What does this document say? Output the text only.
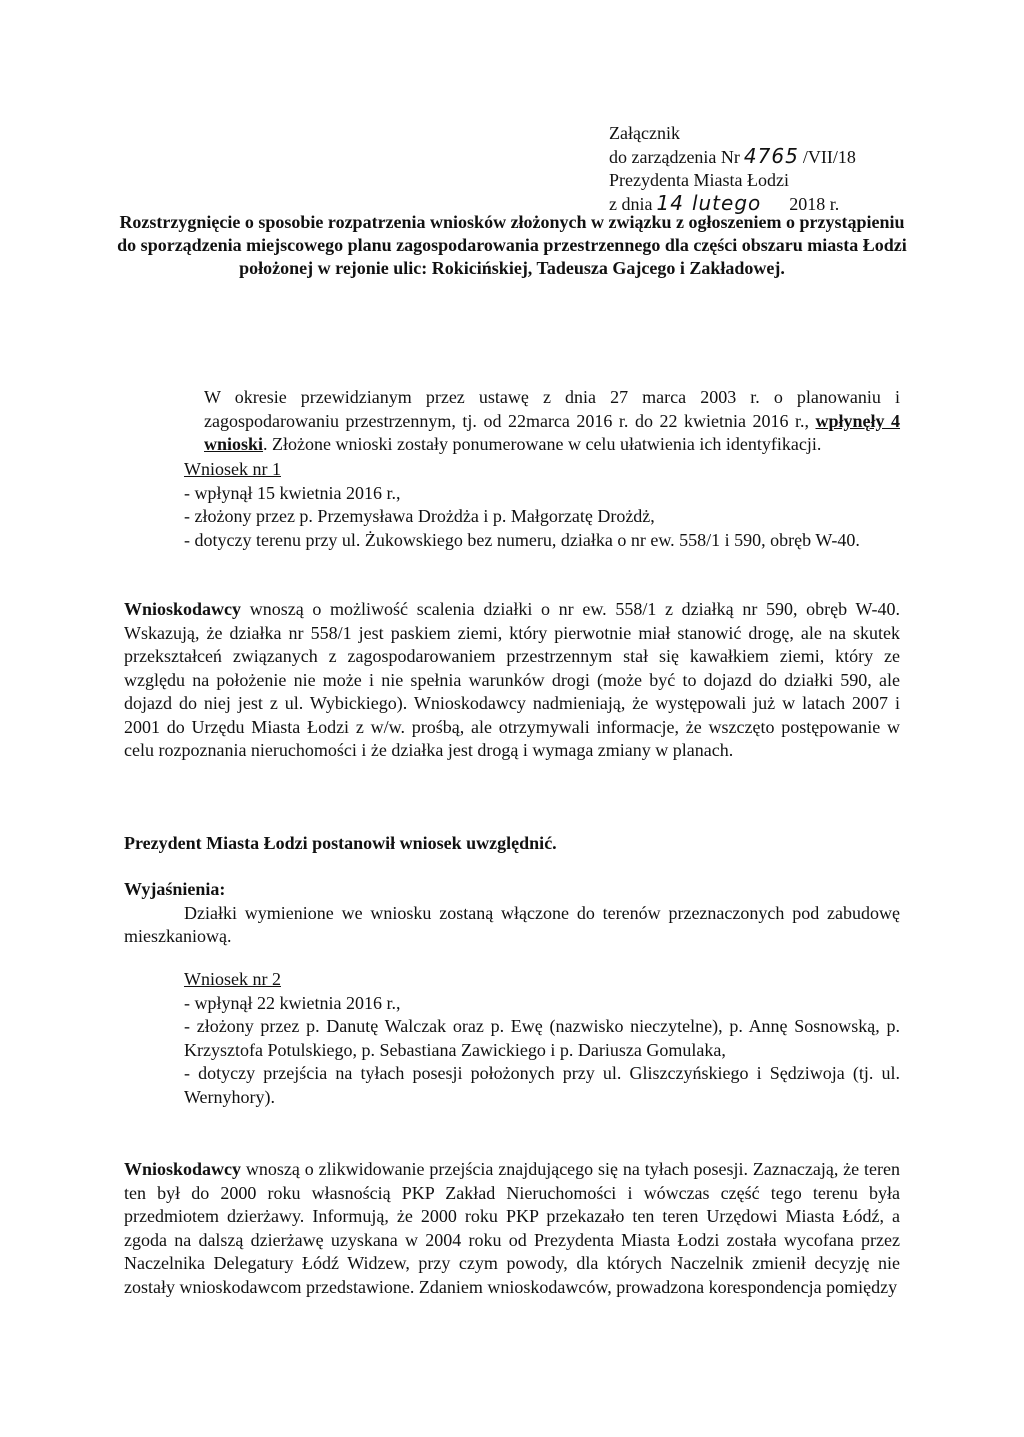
Załącznik
do zarządzenia Nr 4765 /VII/18
Prezydenta Miasta Łodzi
z dnia 14 lutego 2018 r.
Rozstrzygnięcie o sposobie rozpatrzenia wniosków złożonych w związku z ogłoszeniem o przystąpieniu do sporządzenia miejscowego planu zagospodarowania przestrzennego dla części obszaru miasta Łodzi położonej w rejonie ulic: Rokicińskiej, Tadeusza Gajcego i Zakładowej.

W okresie przewidzianym przez ustawę z dnia 27 marca 2003 r. o planowaniu i zagospodarowaniu przestrzennym, tj. od 22marca 2016 r. do 22 kwietnia 2016 r., wpłynęły 4 wnioski. Złożone wnioski zostały ponumerowane w celu ułatwienia ich identyfikacji.

Wniosek nr 1

- wpłynął 15 kwietnia 2016 r.,
- złożony przez p. Przemysława Drożdża i p. Małgorzatę Drożdż,
- dotyczy terenu przy ul. Żukowskiego bez numeru, działka o nr ew. 558/1 i 590, obręb W-40.

Wnioskodawcy wnoszą o możliwość scalenia działki o nr ew. 558/1 z działką nr 590, obręb W-40. Wskazują, że działka nr 558/1 jest paskiem ziemi, który pierwotnie miał stanowić drogę, ale na skutek przekształceń związanych z zagospodarowaniem przestrzennym stał się kawałkiem ziemi, który ze względu na położenie nie może i nie spełnia warunków drogi (może być to dojazd do działki 590, ale dojazd do niej jest z ul. Wybickiego). Wnioskodawcy nadmieniają, że występowali już w latach 2007 i 2001 do Urzędu Miasta Łodzi z w/w. prośbą, ale otrzymywali informacje, że wszczęto postępowanie w celu rozpoznania nieruchomości i że działka jest drogą i wymaga zmiany w planach.

Prezydent Miasta Łodzi postanowił wniosek uwzględnić.

Wyjaśnienia:

Działki wymienione we wniosku zostaną włączone do terenów przeznaczonych pod zabudowę mieszkaniową.

Wniosek nr 2

- wpłynął 22 kwietnia 2016 r.,
- złożony przez p. Danutę Walczak oraz p. Ewę (nazwisko nieczytelne), p. Annę Sosnowską, p. Krzysztofa Potulskiego, p. Sebastiana Zawickiego i p. Dariusza Gomulaka,
- dotyczy przejścia na tyłach posesji położonych przy ul. Gliszczyńskiego i Sędziwoja (tj. ul. Wernyhory).

Wnioskodawcy wnoszą o zlikwidowanie przejścia znajdującego się na tyłach posesji. Zaznaczają, że teren ten był do 2000 roku własnością PKP Zakład Nieruchomości i wówczas część tego terenu była przedmiotem dzierżawy. Informują, że 2000 roku PKP przekazało ten teren Urzędowi Miasta Łódź, a zgoda na dalszą dzierżawę uzyskana w 2004 roku od Prezydenta Miasta Łodzi została wycofana przez Naczelnika Delegatury Łódź Widzew, przy czym powody, dla których Naczelnik zmienił decyzję nie zostały wnioskodawcom przedstawione. Zdaniem wnioskodawców, prowadzona korespondencja pomiędzy
